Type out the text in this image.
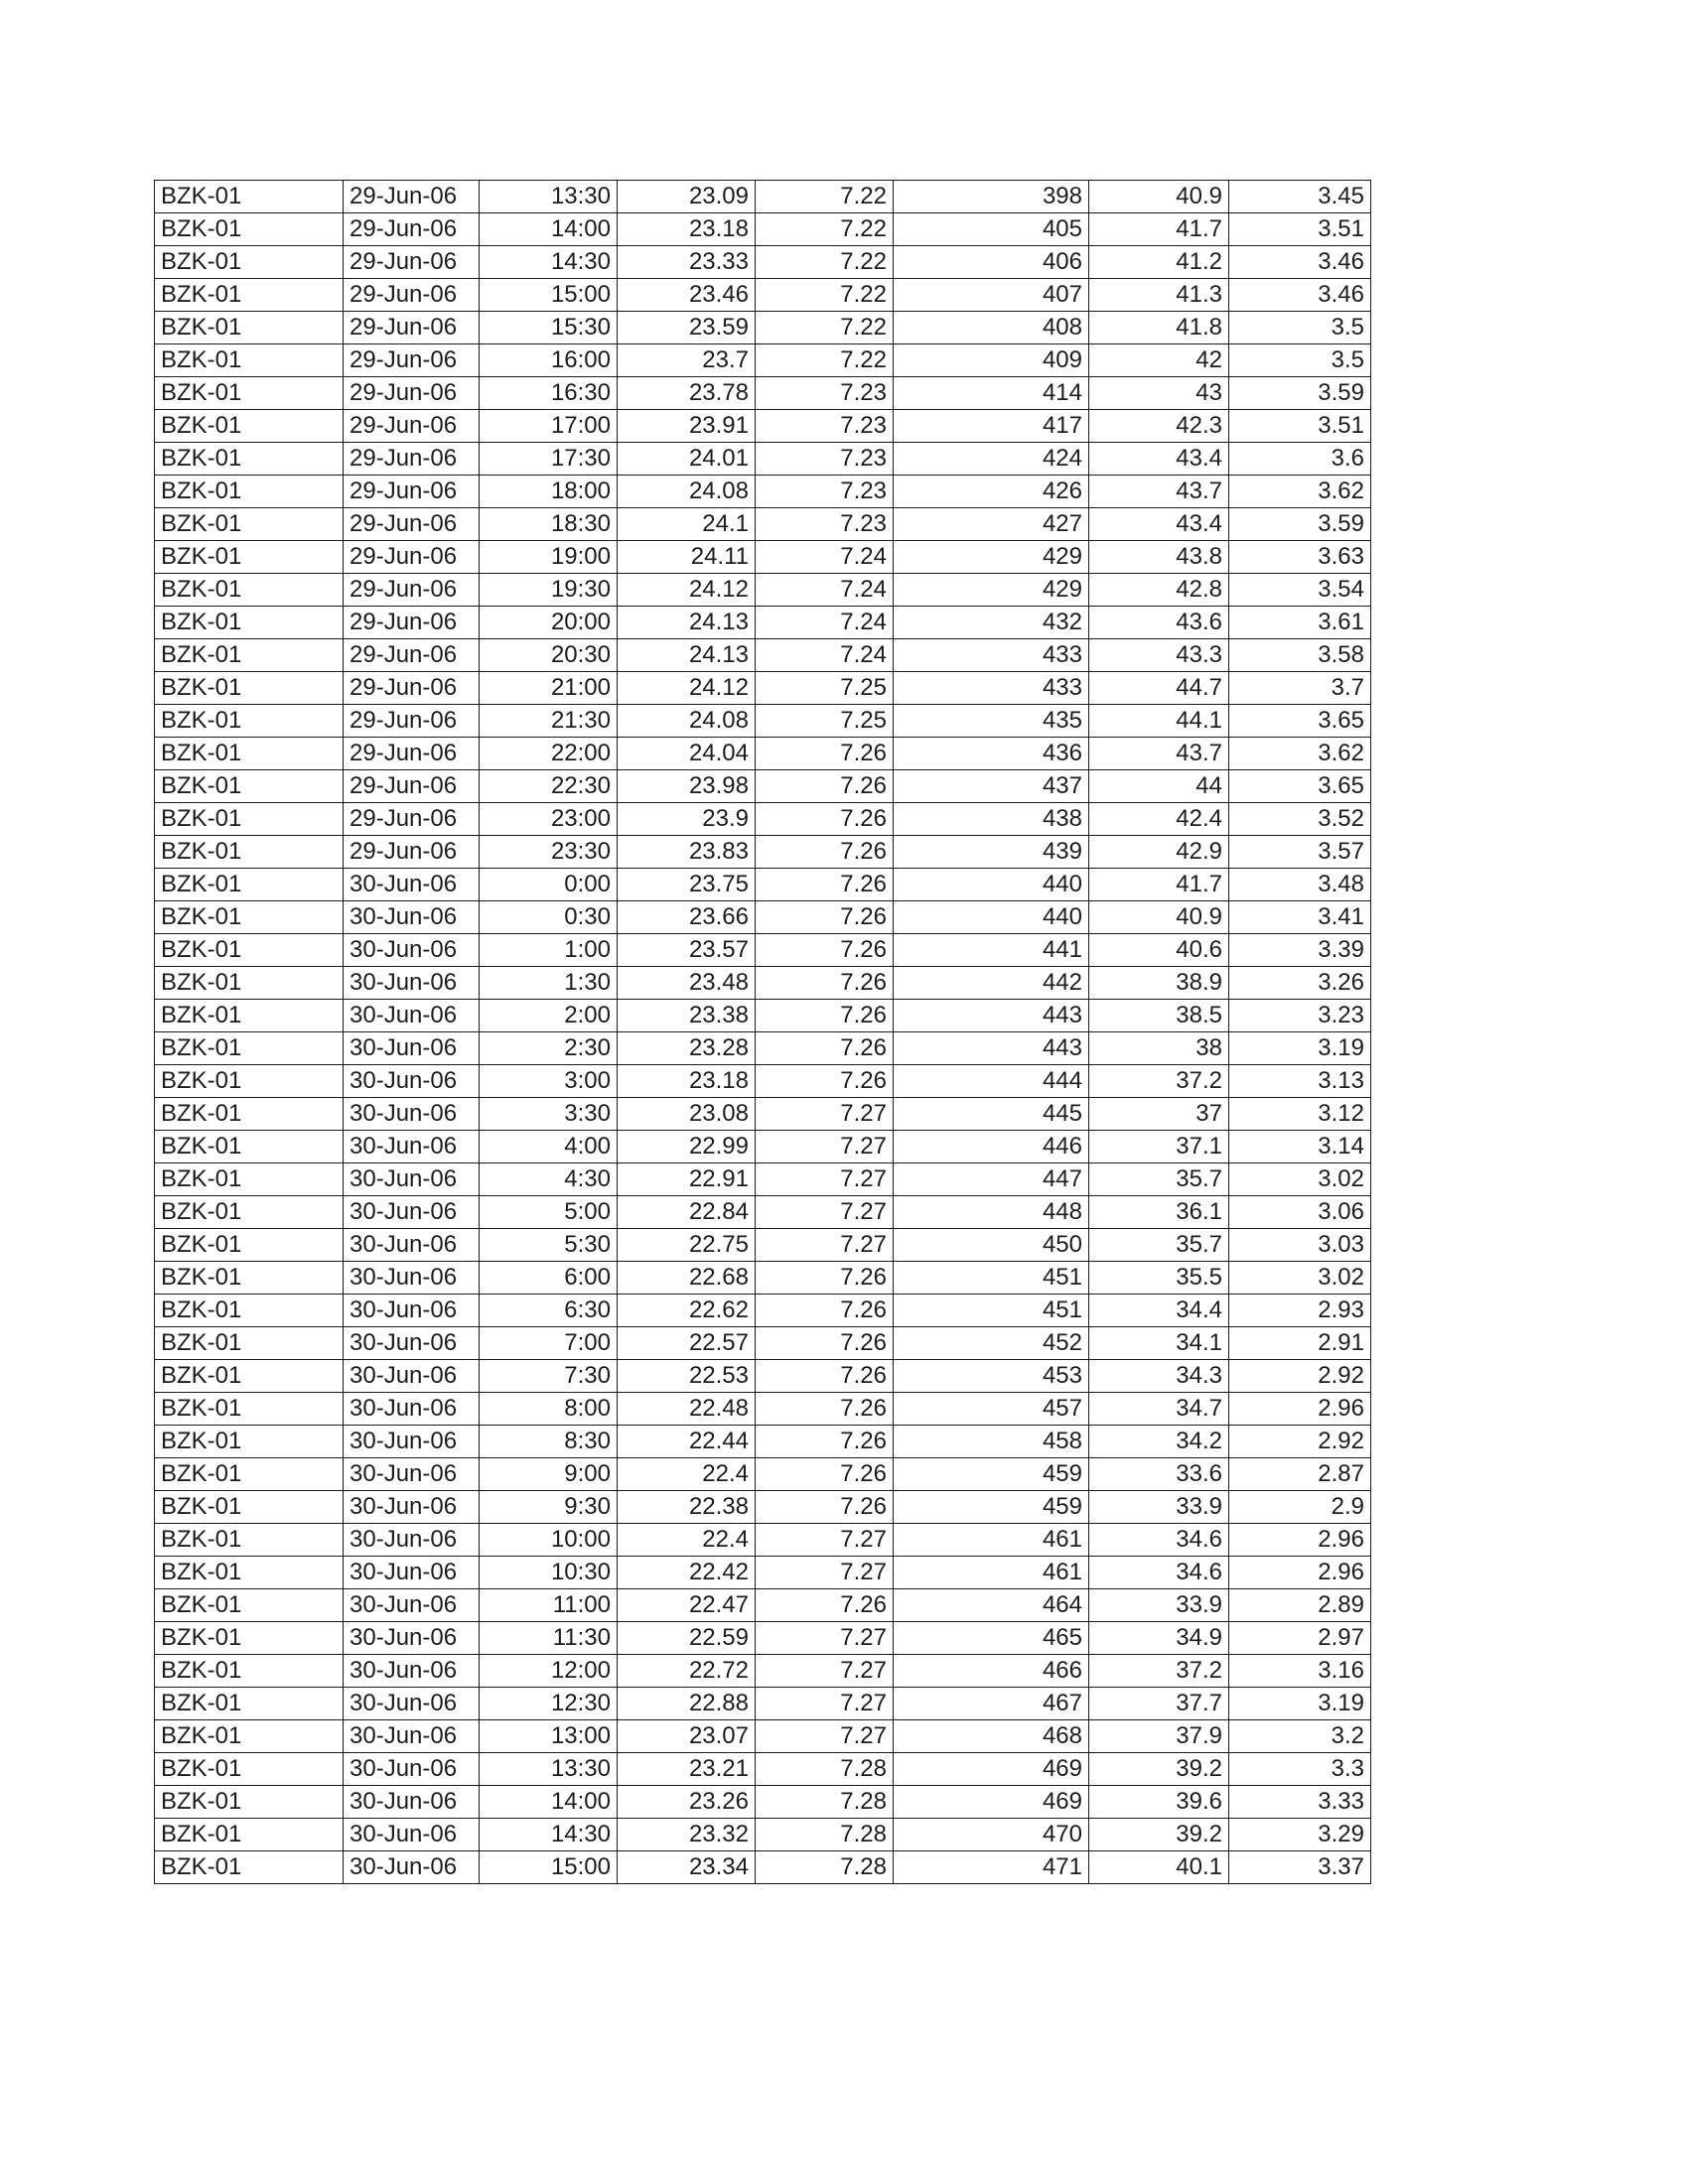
BZK-01	29-Jun-06	13:30	23.09	7.22	398	40.9	3.45
BZK-01	29-Jun-06	14:00	23.18	7.22	405	41.7	3.51
BZK-01	29-Jun-06	14:30	23.33	7.22	406	41.2	3.46
BZK-01	29-Jun-06	15:00	23.46	7.22	407	41.3	3.46
BZK-01	29-Jun-06	15:30	23.59	7.22	408	41.8	3.5
BZK-01	29-Jun-06	16:00	23.7	7.22	409	42	3.5
BZK-01	29-Jun-06	16:30	23.78	7.23	414	43	3.59
BZK-01	29-Jun-06	17:00	23.91	7.23	417	42.3	3.51
BZK-01	29-Jun-06	17:30	24.01	7.23	424	43.4	3.6
BZK-01	29-Jun-06	18:00	24.08	7.23	426	43.7	3.62
BZK-01	29-Jun-06	18:30	24.1	7.23	427	43.4	3.59
BZK-01	29-Jun-06	19:00	24.11	7.24	429	43.8	3.63
BZK-01	29-Jun-06	19:30	24.12	7.24	429	42.8	3.54
BZK-01	29-Jun-06	20:00	24.13	7.24	432	43.6	3.61
BZK-01	29-Jun-06	20:30	24.13	7.24	433	43.3	3.58
BZK-01	29-Jun-06	21:00	24.12	7.25	433	44.7	3.7
BZK-01	29-Jun-06	21:30	24.08	7.25	435	44.1	3.65
BZK-01	29-Jun-06	22:00	24.04	7.26	436	43.7	3.62
BZK-01	29-Jun-06	22:30	23.98	7.26	437	44	3.65
BZK-01	29-Jun-06	23:00	23.9	7.26	438	42.4	3.52
BZK-01	29-Jun-06	23:30	23.83	7.26	439	42.9	3.57
BZK-01	30-Jun-06	0:00	23.75	7.26	440	41.7	3.48
BZK-01	30-Jun-06	0:30	23.66	7.26	440	40.9	3.41
BZK-01	30-Jun-06	1:00	23.57	7.26	441	40.6	3.39
BZK-01	30-Jun-06	1:30	23.48	7.26	442	38.9	3.26
BZK-01	30-Jun-06	2:00	23.38	7.26	443	38.5	3.23
BZK-01	30-Jun-06	2:30	23.28	7.26	443	38	3.19
BZK-01	30-Jun-06	3:00	23.18	7.26	444	37.2	3.13
BZK-01	30-Jun-06	3:30	23.08	7.27	445	37	3.12
BZK-01	30-Jun-06	4:00	22.99	7.27	446	37.1	3.14
BZK-01	30-Jun-06	4:30	22.91	7.27	447	35.7	3.02
BZK-01	30-Jun-06	5:00	22.84	7.27	448	36.1	3.06
BZK-01	30-Jun-06	5:30	22.75	7.27	450	35.7	3.03
BZK-01	30-Jun-06	6:00	22.68	7.26	451	35.5	3.02
BZK-01	30-Jun-06	6:30	22.62	7.26	451	34.4	2.93
BZK-01	30-Jun-06	7:00	22.57	7.26	452	34.1	2.91
BZK-01	30-Jun-06	7:30	22.53	7.26	453	34.3	2.92
BZK-01	30-Jun-06	8:00	22.48	7.26	457	34.7	2.96
BZK-01	30-Jun-06	8:30	22.44	7.26	458	34.2	2.92
BZK-01	30-Jun-06	9:00	22.4	7.26	459	33.6	2.87
BZK-01	30-Jun-06	9:30	22.38	7.26	459	33.9	2.9
BZK-01	30-Jun-06	10:00	22.4	7.27	461	34.6	2.96
BZK-01	30-Jun-06	10:30	22.42	7.27	461	34.6	2.96
BZK-01	30-Jun-06	11:00	22.47	7.26	464	33.9	2.89
BZK-01	30-Jun-06	11:30	22.59	7.27	465	34.9	2.97
BZK-01	30-Jun-06	12:00	22.72	7.27	466	37.2	3.16
BZK-01	30-Jun-06	12:30	22.88	7.27	467	37.7	3.19
BZK-01	30-Jun-06	13:00	23.07	7.27	468	37.9	3.2
BZK-01	30-Jun-06	13:30	23.21	7.28	469	39.2	3.3
BZK-01	30-Jun-06	14:00	23.26	7.28	469	39.6	3.33
BZK-01	30-Jun-06	14:30	23.32	7.28	470	39.2	3.29
BZK-01	30-Jun-06	15:00	23.34	7.28	471	40.1	3.37
